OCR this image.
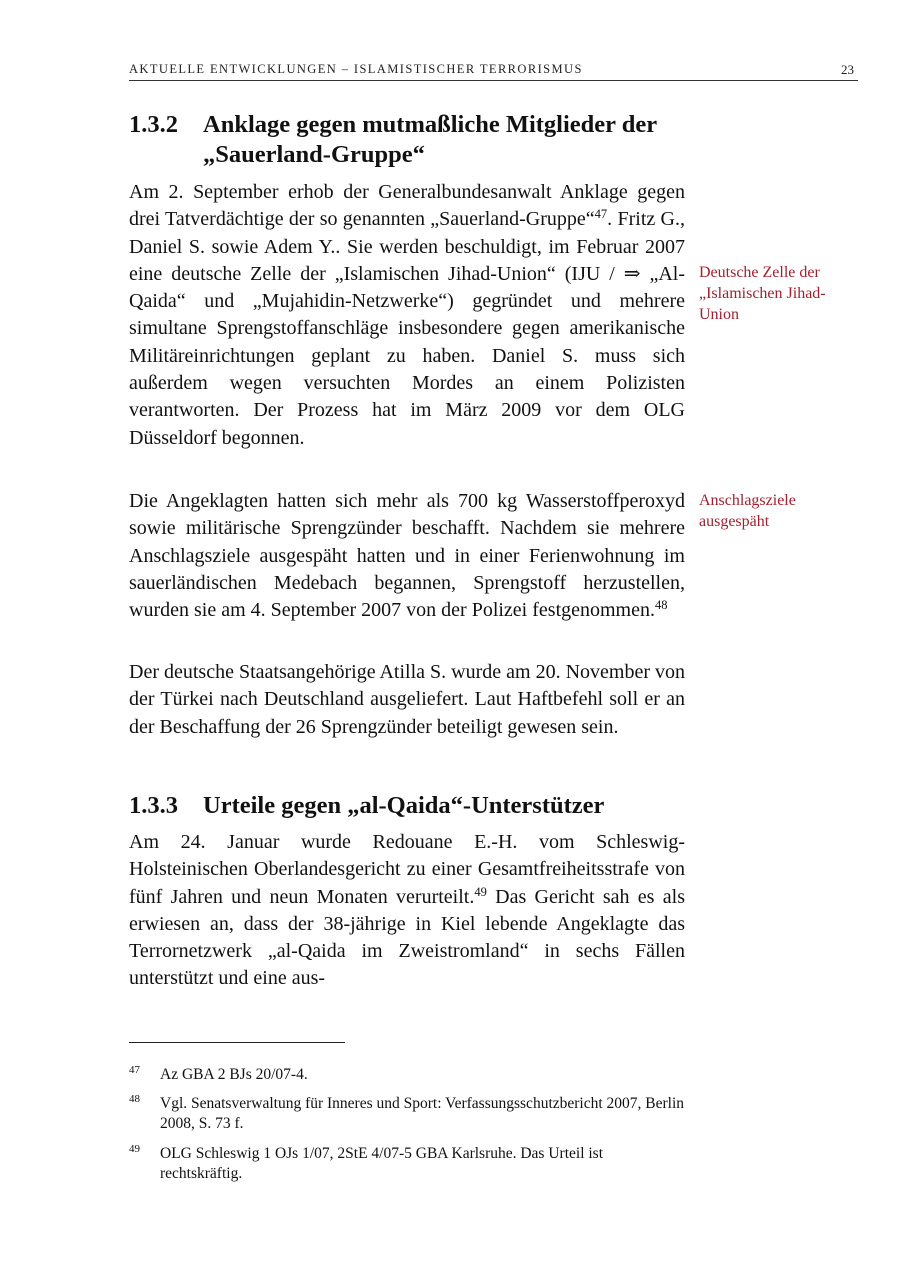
AKTUELLE ENTWICKLUNGEN – ISLAMISTISCHER TERRORISMUS	23
1.3.2 Anklage gegen mutmaßliche Mitglieder der „Sauerland-Gruppe“

Am 2. September erhob der Generalbundesanwalt Anklage gegen drei Tatverdächtige der so genannten „Sauerland-Gruppe“$^{47}$. Fritz G., Daniel S. sowie Adem Y.. Sie werden beschuldigt, im Februar 2007 eine deutsche Zelle der „Islamischen Jihad-Union“ (IJU / ⇒ „Al-Qaida“ und „Mujahidin-Netzwerke“) gegründet und mehrere simultane Sprengstoffanschläge insbesondere gegen amerikanische Militäreinrichtungen geplant zu haben. Daniel S. muss sich außerdem wegen versuchten Mordes an einem Polizisten verantworten. Der Prozess hat im März 2009 vor dem OLG Düsseldorf begonnen.

Die Angeklagten hatten sich mehr als 700 kg Wasserstoffperoxyd sowie militärische Sprengzünder beschafft. Nachdem sie mehrere Anschlagsziele ausgespäht hatten und in einer Ferienwohnung im sauerländischen Medebach begannen, Sprengstoff herzustellen, wurden sie am 4. September 2007 von der Polizei festgenommen.$^{48}$

Der deutsche Staatsangehörige Atilla S. wurde am 20. November von der Türkei nach Deutschland ausgeliefert. Laut Haftbefehl soll er an der Beschaffung der 26 Sprengzünder beteiligt gewesen sein.

Deutsche Zelle der „Islamischen Jihad-Union
Anschlagsziele ausgespäht
1.3.3 Urteile gegen „al-Qaida“-Unterstützer

Am 24. Januar wurde Redouane E.-H. vom Schleswig-Holsteinischen Oberlandesgericht zu einer Gesamtfreiheitsstrafe von fünf Jahren und neun Monaten verurteilt.$^{49}$ Das Gericht sah es als erwiesen an, dass der 38-jährige in Kiel lebende Angeklagte das Terrornetzwerk „al-Qaida im Zweistromland“ in sechs Fällen unterstützt und eine aus-

47 Az GBA 2 BJs 20/07-4.
48 Vgl. Senatsverwaltung für Inneres und Sport: Verfassungsschutzbericht 2007, Berlin 2008, S. 73 f.
49 OLG Schleswig 1 OJs 1/07, 2StE 4/07-5 GBA Karlsruhe. Das Urteil ist rechtskräftig.
